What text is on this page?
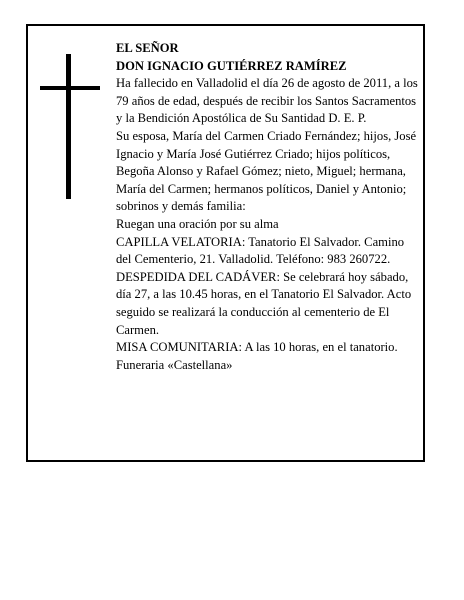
EL SEÑOR

DON IGNACIO GUTIÉRREZ RAMÍREZ

Ha fallecido en Valladolid el día 26 de agosto de 2011, a los 79 años de edad, después de recibir los Santos Sacramentos y la Bendición Apostólica de Su Santidad D. E. P.

Su esposa, María del Carmen Criado Fernández; hijos, José Ignacio y María José Gutiérrez Criado; hijos políticos, Begoña Alonso y Rafael Gómez; nieto, Miguel; hermana, María del Carmen; hermanos políticos, Daniel y Antonio; sobrinos y demás familia:

Ruegan una oración por su alma

CAPILLA VELATORIA: Tanatorio El Salvador. Camino del Cementerio, 21. Valladolid. Teléfono: 983 260722.

DESPEDIDA DEL CADÁVER: Se celebrará hoy sábado, día 27, a las 10.45 horas, en el Tanatorio El Salvador. Acto seguido se realizará la conducción al cementerio de El Carmen.

MISA COMUNITARIA: A las 10 horas, en el tanatorio.

Funeraria «Castellana»
